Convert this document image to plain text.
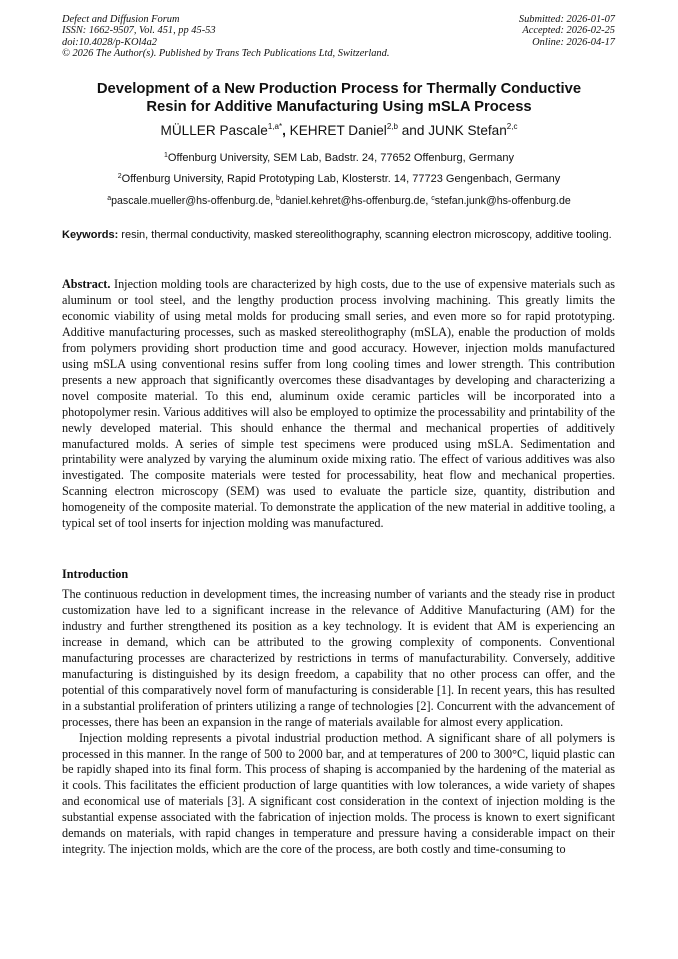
Defect and Diffusion Forum
ISSN: 1662-9507, Vol. 451, pp 45-53
doi:10.4028/p-KOl4a2
© 2026 The Author(s). Published by Trans Tech Publications Ltd, Switzerland.
Submitted: 2026-01-07
Accepted: 2026-02-25
Online: 2026-04-17
Development of a New Production Process for Thermally Conductive
Resin for Additive Manufacturing Using mSLA Process
MÜLLER Pascale$^{1,a*}$, KEHRET Daniel$^{2,b}$ and JUNK Stefan$^{2,c}$
$^1$Offenburg University, SEM Lab, Badstr. 24, 77652 Offenburg, Germany
$^2$Offenburg University, Rapid Prototyping Lab, Klosterstr. 14, 77723 Gengenbach, Germany
$^a$pascale.mueller@hs-offenburg.de, $^b$daniel.kehret@hs-offenburg.de, $^c$stefan.junk@hs-offenburg.de
Keywords: resin, thermal conductivity, masked stereolithography, scanning electron microscopy, additive tooling.
Abstract. Injection molding tools are characterized by high costs, due to the use of expensive materials such as aluminum or tool steel, and the lengthy production process involving machining. This greatly limits the economic viability of using metal molds for producing small series, and even more so for rapid prototyping. Additive manufacturing processes, such as masked stereolithography (mSLA), enable the production of molds from polymers providing short production time and good accuracy. However, injection molds manufactured using mSLA using conventional resins suffer from long cooling times and lower strength. This contribution presents a new approach that significantly overcomes these disadvantages by developing and characterizing a novel composite material. To this end, aluminum oxide ceramic particles will be incorporated into a photopolymer resin. Various additives will also be employed to optimize the processability and printability of the newly developed material. This should enhance the thermal and mechanical properties of additively manufactured molds. A series of simple test specimens were produced using mSLA. Sedimentation and printability were analyzed by varying the aluminum oxide mixing ratio. The effect of various additives was also investigated. The composite materials were tested for processability, heat flow and mechanical properties. Scanning electron microscopy (SEM) was used to evaluate the particle size, quantity, distribution and homogeneity of the composite material. To demonstrate the application of the new material in additive tooling, a typical set of tool inserts for injection molding was manufactured.
Introduction

The continuous reduction in development times, the increasing number of variants and the steady rise in product customization have led to a significant increase in the relevance of Additive Manufacturing (AM) for the industry and further strengthened its position as a key technology. It is evident that AM is experiencing an increase in demand, which can be attributed to the growing complexity of components. Conventional manufacturing processes are characterized by restrictions in terms of manufacturability. Conversely, additive manufacturing is distinguished by its design freedom, a capability that no other process can offer, and the potential of this comparatively novel form of manufacturing is considerable [1]. In recent years, this has resulted in a substantial proliferation of printers utilizing a range of technologies [2]. Concurrent with the advancement of processes, there has been an expansion in the range of materials available for almost every application.

Injection molding represents a pivotal industrial production method. A significant share of all polymers is processed in this manner. In the range of 500 to 2000 bar, and at temperatures of 200 to 300°C, liquid plastic can be rapidly shaped into its final form. This process of shaping is accompanied by the hardening of the material as it cools. This facilitates the efficient production of large quantities with low tolerances, a wide variety of shapes and economical use of materials [3]. A significant cost consideration in the context of injection molding is the substantial expense associated with the fabrication of injection molds. The process is known to exert significant demands on materials, with rapid changes in temperature and pressure having a considerable impact on their integrity. The injection molds, which are the core of the process, are both costly and time-consuming to
